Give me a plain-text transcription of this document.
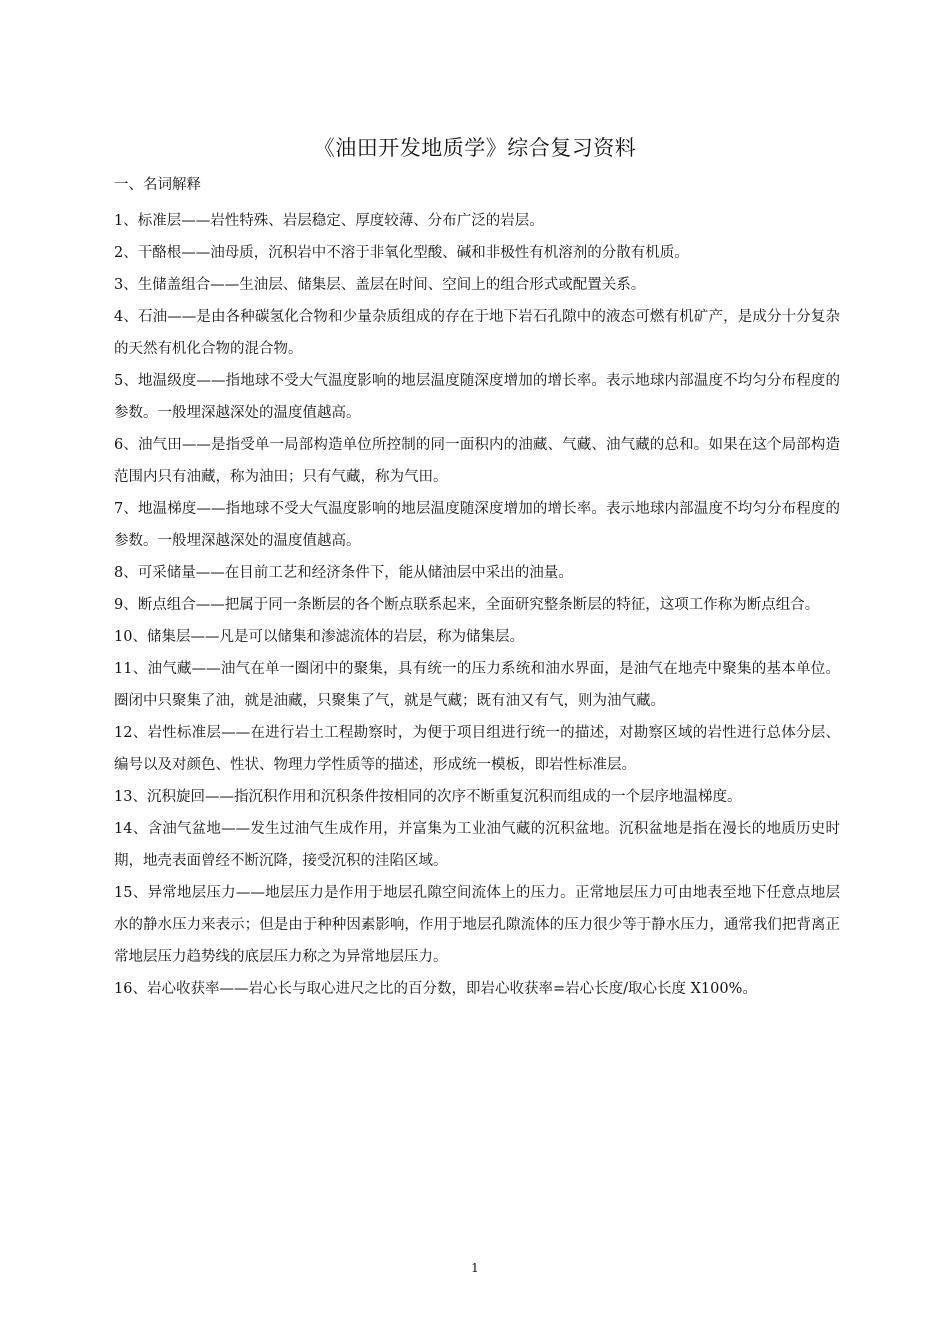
《油田开发地质学》综合复习资料
一、名词解释

1、标准层——岩性特殊、岩层稳定、厚度较薄、分布广泛的岩层。

2、干酪根——油母质，沉积岩中不溶于非氧化型酸、碱和非极性有机溶剂的分散有机质。

3、生储盖组合——生油层、储集层、盖层在时间、空间上的组合形式或配置关系。

4、石油——是由各种碳氢化合物和少量杂质组成的存在于地下岩石孔隙中的液态可燃有机矿产，是成分十分复杂的天然有机化合物的混合物。

5、地温级度——指地球不受大气温度影响的地层温度随深度增加的增长率。表示地球内部温度不均匀分布程度的参数。一般埋深越深处的温度值越高。

6、油气田——是指受单一局部构造单位所控制的同一面积内的油藏、气藏、油气藏的总和。如果在这个局部构造范围内只有油藏，称为油田；只有气藏，称为气田。

7、地温梯度——指地球不受大气温度影响的地层温度随深度增加的增长率。表示地球内部温度不均匀分布程度的参数。一般埋深越深处的温度值越高。

8、可采储量——在目前工艺和经济条件下，能从储油层中采出的油量。

9、断点组合——把属于同一条断层的各个断点联系起来，全面研究整条断层的特征，这项工作称为断点组合。

10、储集层——凡是可以储集和渗滤流体的岩层，称为储集层。

11、油气藏——油气在单一圈闭中的聚集，具有统一的压力系统和油水界面，是油气在地壳中聚集的基本单位。圈闭中只聚集了油，就是油藏，只聚集了气，就是气藏；既有油又有气，则为油气藏。

12、岩性标准层——在进行岩土工程勘察时，为便于项目组进行统一的描述，对勘察区域的岩性进行总体分层、编号以及对颜色、性状、物理力学性质等的描述，形成统一模板，即岩性标准层。

13、沉积旋回——指沉积作用和沉积条件按相同的次序不断重复沉积而组成的一个层序地温梯度。

14、含油气盆地——发生过油气生成作用，并富集为工业油气藏的沉积盆地。沉积盆地是指在漫长的地质历史时期，地壳表面曾经不断沉降，接受沉积的洼陷区域。

15、异常地层压力——地层压力是作用于地层孔隙空间流体上的压力。正常地层压力可由地表至地下任意点地层水的静水压力来表示；但是由于种种因素影响，作用于地层孔隙流体的压力很少等于静水压力，通常我们把背离正常地层压力趋势线的底层压力称之为异常地层压力。

16、岩心收获率——岩心长与取心进尺之比的百分数，即岩心收获率=岩心长度/取心长度 X100%。

1
